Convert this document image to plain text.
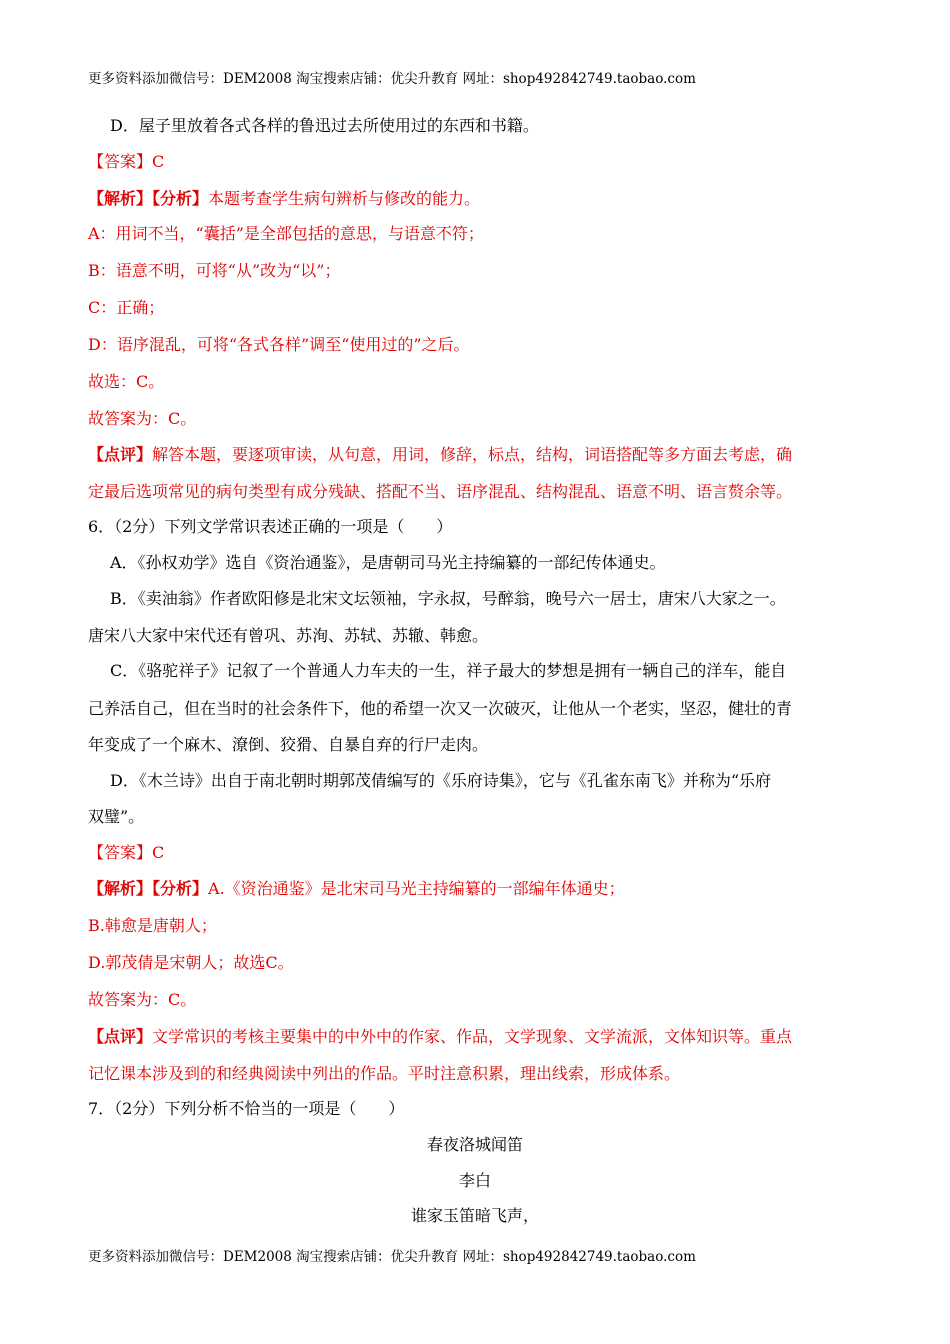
更多资料添加微信号：DEM2008 淘宝搜索店铺：优尖升教育 网址：shop492842749.taobao.com
D．屋子里放着各式各样的鲁迅过去所使用过的东西和书籍。
【答案】C
【解析】【分析】本题考查学生病句辨析与修改的能力。
A：用词不当，“囊括”是全部包括的意思，与语意不符；
B：语意不明，可将“从”改为“以”；
C：正确；
D：语序混乱，可将“各式各样”调至“使用过的”之后。
故选：C。
故答案为：C。
【点评】解答本题，要逐项审读，从句意，用词，修辞，标点，结构，词语搭配等多方面去考虑，确
定最后选项常见的病句类型有成分残缺、搭配不当、语序混乱、结构混乱、语意不明、语言赘余等。
6．（2分）下列文学常识表述正确的一项是（　　）
A．《孙权劝学》选自《资治通鉴》，是唐朝司马光主持编纂的一部纪传体通史。
B．《卖油翁》作者欧阳修是北宋文坛领袖，字永叔，号醉翁，晚号六一居士，唐宋八大家之一。
唐宋八大家中宋代还有曾巩、苏洵、苏轼、苏辙、韩愈。
C．《骆驼祥子》记叙了一个普通人力车夫的一生，祥子最大的梦想是拥有一辆自己的洋车，能自
己养活自己，但在当时的社会条件下，他的希望一次又一次破灭，让他从一个老实，坚忍，健壮的青
年变成了一个麻木、潦倒、狡猾、自暴自弃的行尸走肉。
D．《木兰诗》出自于南北朝时期郭茂倩编写的《乐府诗集》，它与《孔雀东南飞》并称为“乐府
双璧”。
【答案】C
【解析】【分析】A.《资治通鉴》是北宋司马光主持编纂的一部编年体通史；
B.韩愈是唐朝人；
D.郭茂倩是宋朝人；故选C。
故答案为：C。
【点评】文学常识的考核主要集中的中外中的作家、作品，文学现象、文学流派，文体知识等。重点
记忆课本涉及到的和经典阅读中列出的作品。平时注意积累，理出线索，形成体系。
7．（2分）下列分析不恰当的一项是（　　）
春夜洛城闻笛
李白
谁家玉笛暗飞声，
更多资料添加微信号：DEM2008 淘宝搜索店铺：优尖升教育 网址：shop492842749.taobao.com
